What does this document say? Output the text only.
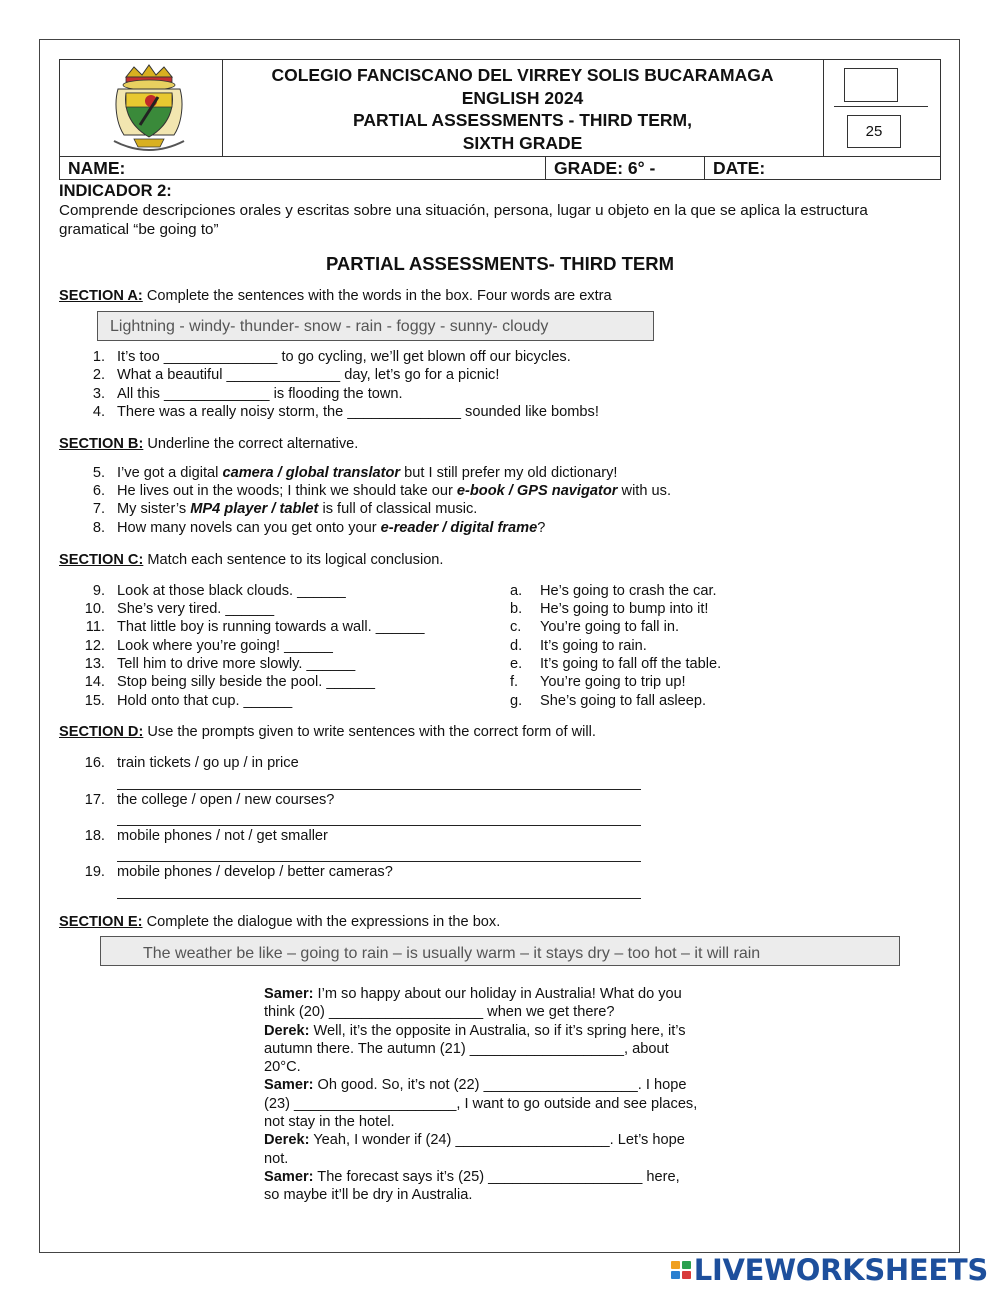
COLEGIO FANCISCANO DEL VIRREY SOLIS BUCARAMAGA
ENGLISH 2024
PARTIAL ASSESSMENTS - THIRD TERM,
SIXTH GRADE
25
NAME:	GRADE: 6° -	DATE:
INDICADOR 2:
Comprende descripciones orales y escritas sobre una situación, persona, lugar u objeto en la que se aplica la estructura
gramatical “be going to”
PARTIAL ASSESSMENTS- THIRD TERM
SECTION A: Complete the sentences with the words in the box. Four words are extra
Lightning - windy- thunder- snow - rain - foggy - sunny- cloudy
1. It’s too ______________ to go cycling, we’ll get blown off our bicycles.
2. What a beautiful ______________ day, let’s go for a picnic!
3. All this _____________ is flooding the town.
4. There was a really noisy storm, the ______________ sounded like bombs!
SECTION B: Underline the correct alternative.
5. I’ve got a digital camera / global translator but I still prefer my old dictionary!
6. He lives out in the woods; I think we should take our e-book / GPS navigator with us.
7. My sister’s MP4 player / tablet is full of classical music.
8. How many novels can you get onto your e-reader / digital frame?
SECTION C: Match each sentence to its logical conclusion.
9. Look at those black clouds. ______
10. She’s very tired. ______
11. That little boy is running towards a wall. ______
12. Look where you’re going! ______
13. Tell him to drive more slowly. ______
14. Stop being silly beside the pool. ______
15. Hold onto that cup. ______
a. He’s going to crash the car.
b. He’s going to bump into it!
c. You’re going to fall in.
d. It’s going to rain.
e. It’s going to fall off the table.
f. You’re going to trip up!
g. She’s going to fall asleep.
SECTION D: Use the prompts given to write sentences with the correct form of will.
16. train tickets / go up / in price
17. the college / open / new courses?
18. mobile phones / not / get smaller
19. mobile phones / develop / better cameras?
SECTION E: Complete the dialogue with the expressions in the box.
The weather be like – going to rain – is usually warm – it stays dry – too hot – it will rain
Samer: I’m so happy about our holiday in Australia! What do you
think (20) ___________________ when we get there?
Derek: Well, it’s the opposite in Australia, so if it’s spring here, it’s
autumn there. The autumn (21) ___________________, about
20°C.
Samer: Oh good. So, it’s not (22) ___________________. I hope
(23) ____________________, I want to go outside and see places,
not stay in the hotel.
Derek: Yeah, I wonder if (24) ___________________. Let’s hope
not.
Samer: The forecast says it’s (25) ___________________ here,
so maybe it’ll be dry in Australia.
LIVEWORKSHEETS
